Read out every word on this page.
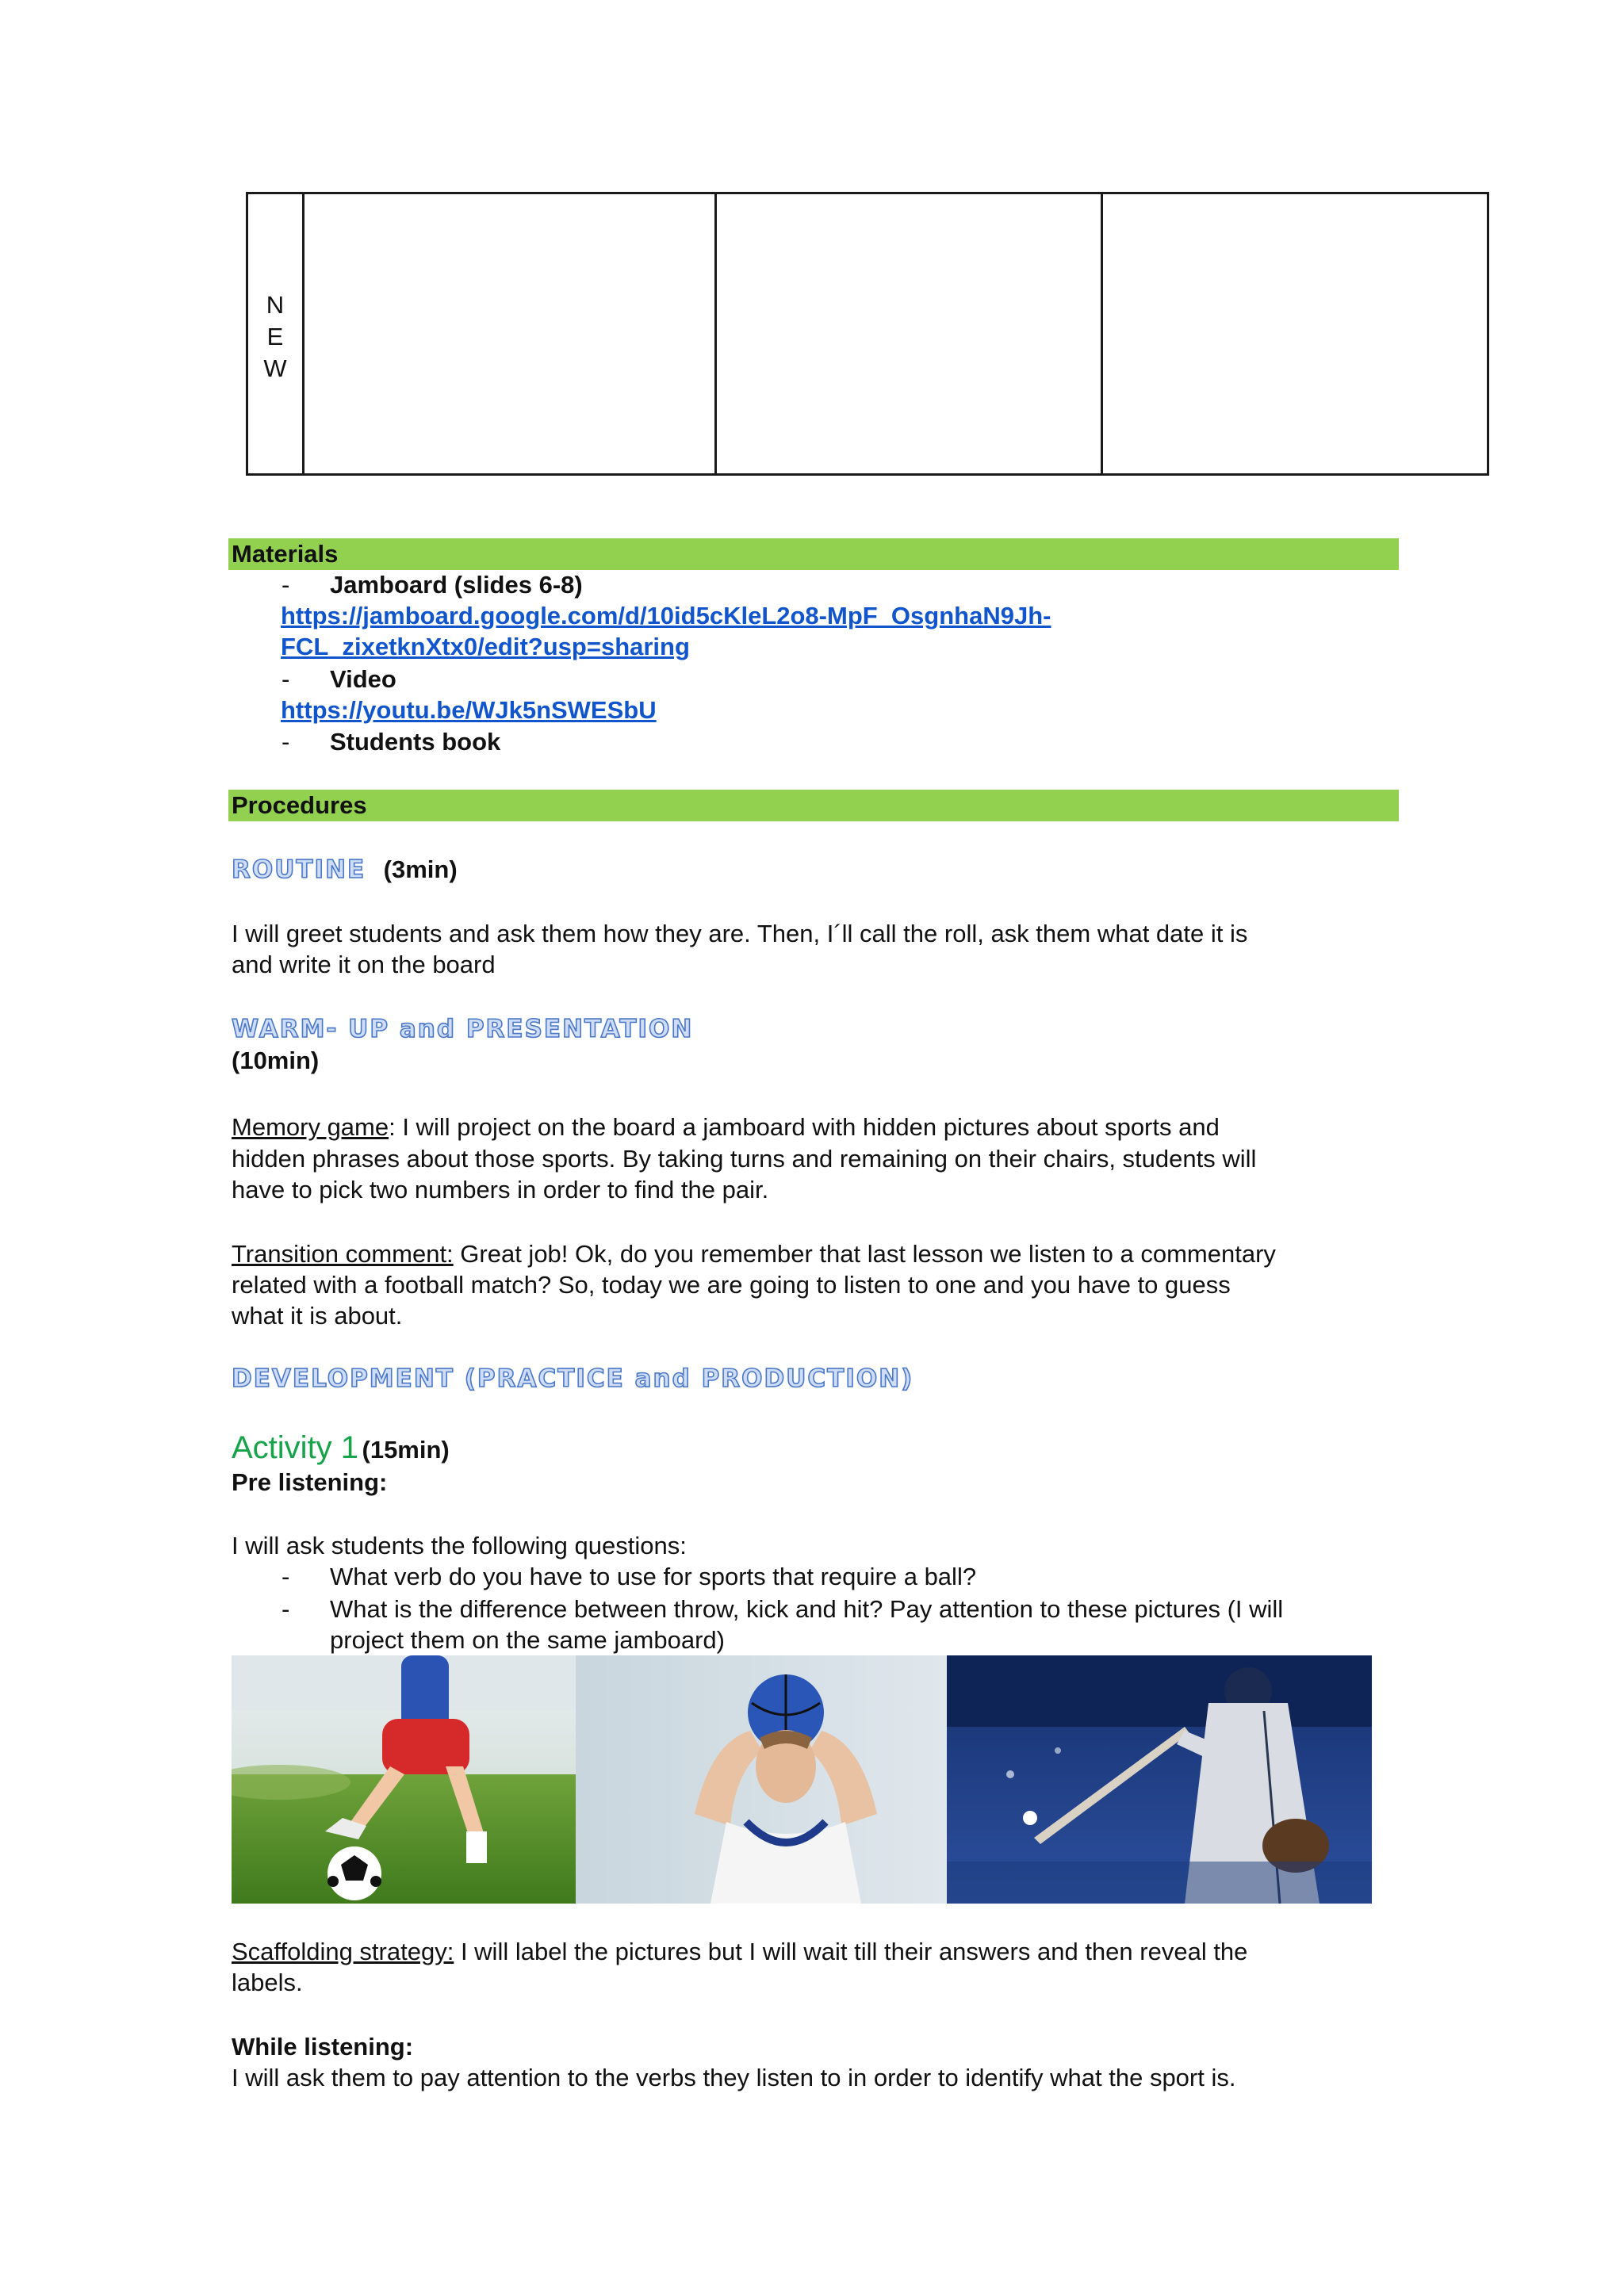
N
E
W
Materials
- Jamboard (slides 6-8)
https://jamboard.google.com/d/10id5cKleL2o8-MpF_OsgnhaN9Jh-
FCL_zixetknXtx0/edit?usp=sharing
- Video
https://youtu.be/WJk5nSWESbU
- Students book
Procedures
ROUTINE (3min)
I will greet students and ask them how they are. Then, I´ll call the roll, ask them what date it is
and write it on the board
WARM- UP and PRESENTATION
(10min)
Memory game: I will project on the board a jamboard with hidden pictures about sports and
hidden phrases about those sports. By taking turns and remaining on their chairs, students will
have to pick two numbers in order to find the pair.
Transition comment: Great job! Ok, do you remember that last lesson we listen to a commentary
related with a football match? So, today we are going to listen to one and you have to guess
what it is about.
DEVELOPMENT (PRACTICE and PRODUCTION)
Activity 1 (15min)
Pre listening:
I will ask students the following questions:
- What verb do you have to use for sports that require a ball?
- What is the difference between throw, kick and hit? Pay attention to these pictures (I will
project them on the same jamboard)
Scaffolding strategy: I will label the pictures but I will wait till their answers and then reveal the
labels.
While listening:
I will ask them to pay attention to the verbs they listen to in order to identify what the sport is.
